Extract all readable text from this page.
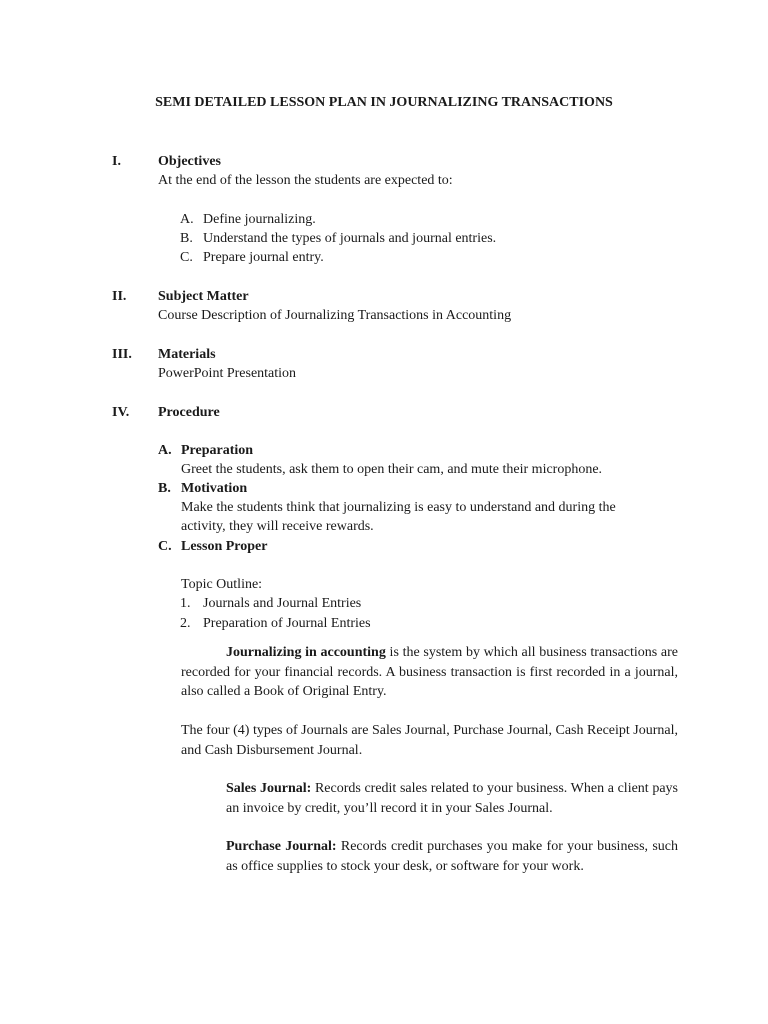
SEMI DETAILED LESSON PLAN IN JOURNALIZING TRANSACTIONS

I.	Objectives

At the end of the lesson the students are expected to:

A. Define journalizing.

B. Understand the types of journals and journal entries.

C. Prepare journal entry.

II. Subject Matter

Course Description of Journalizing Transactions in Accounting

III. Materials

PowerPoint Presentation

IV. Procedure

A. Preparation

Greet the students, ask them to open their cam, and mute their microphone.

B. Motivation

Make the students think that journalizing is easy to understand and during the

activity, they will receive rewards.

C. Lesson Proper

Topic Outline:

1. Journals and Journal Entries

2. Preparation of Journal Entries

Journalizing in accounting is the system by which all business transactions are recorded for your financial records. A business transaction is first recorded in a journal, also called a Book of Original Entry.

The four (4) types of Journals are Sales Journal, Purchase Journal, Cash Receipt Journal, and Cash Disbursement Journal.

Sales Journal: Records credit sales related to your business. When a client pays an invoice by credit, you’ll record it in your Sales Journal.

Purchase Journal: Records credit purchases you make for your business, such as office supplies to stock your desk, or software for your work.
